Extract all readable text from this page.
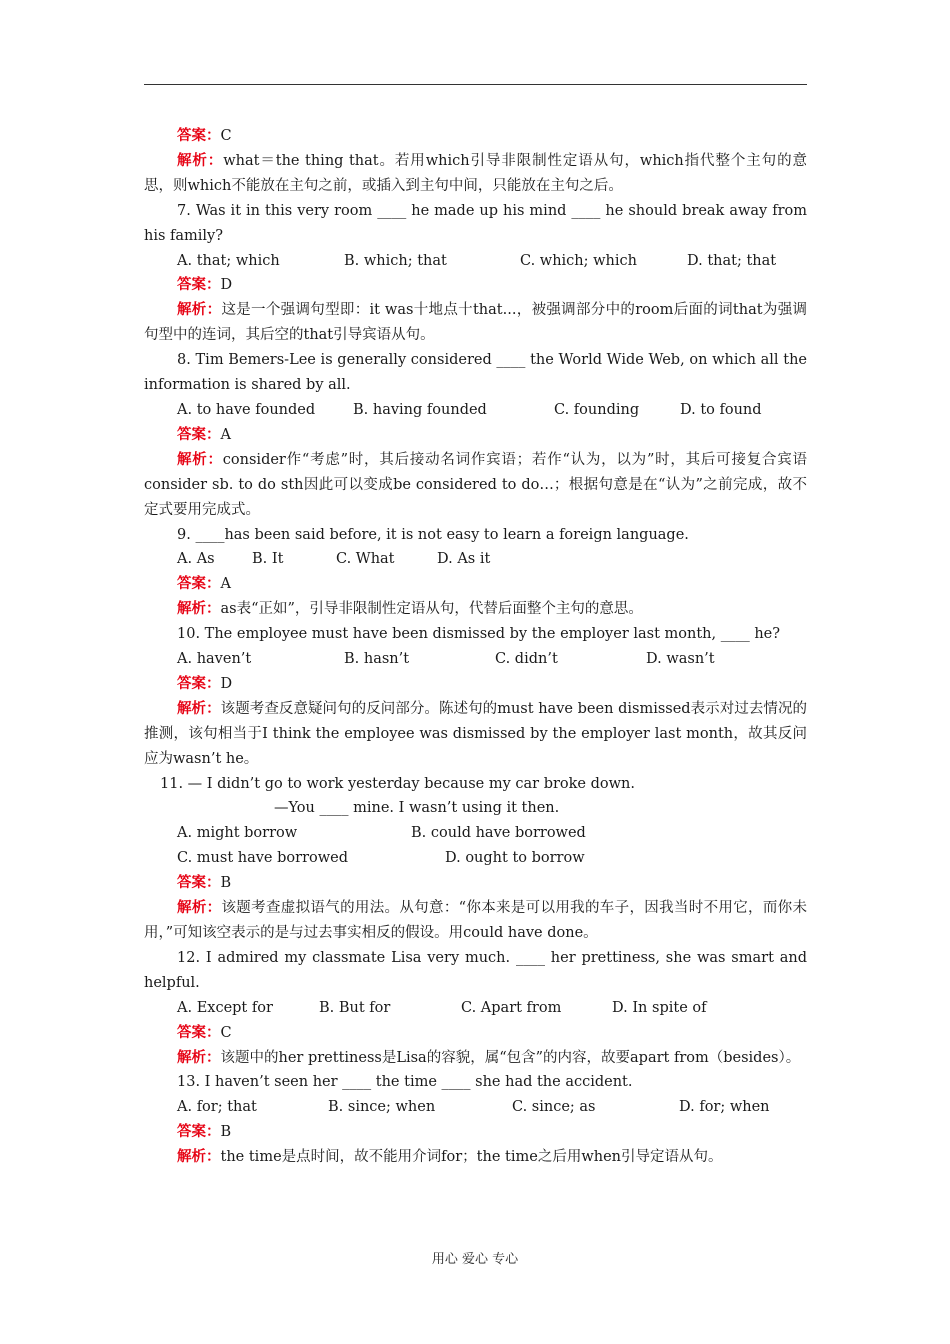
答案：C

解析：what＝the thing that。若用which引导非限制性定语从句，which指代整个主句的意思，则which不能放在主句之前，或插入到主句中间，只能放在主句之后。

7. Was it in this very room ____ he made up his mind ____ he should break away from his family?

A. that; which	B. which; that	C. which; which	D. that; that

答案：D

解析：这是一个强调句型即：it was十地点十that...，被强调部分中的room后面的词that为强调句型中的连词，其后空的that引导宾语从句。

8. Tim Bemers-Lee is generally considered ____ the World Wide Web, on which all the information is shared by all.

A. to have founded	B. having founded	C. founding	D. to found

答案：A

解析：consider作“考虑”时，其后接动名词作宾语；若作“认为，以为”时，其后可接复合宾语consider sb. to do sth因此可以变成be considered to do…；根据句意是在“认为”之前完成，故不定式要用完成式。

9. ____has been said before, it is not easy to learn a foreign language.

A. As	B. It	C. What	D. As it

答案：A

解析：as表“正如”，引导非限制性定语从句，代替后面整个主句的意思。

10. The employee must have been dismissed by the employer last month, ____ he?

A. haven’t	B. hasn’t	C. didn’t	D. wasn’t

答案：D

解析：该题考查反意疑问句的反问部分。陈述句的must have been dismissed表示对过去情况的推测，该句相当于I think the employee was dismissed by the employer last month，故其反问应为wasn’t he。

11. — I didn’t go to work yesterday because my car broke down.

—You ____ mine. I wasn’t using it then.

A. might borrow	B. could have borrowed
C. must have borrowed	D. ought to borrow

答案：B

解析：该题考查虚拟语气的用法。从句意：“你本来是可以用我的车子，因我当时不用它，而你未用，”可知该空表示的是与过去事实相反的假设。用could have done。

12. I admired my classmate Lisa very much. ____ her prettiness, she was smart and helpful.

A. Except for	B. But for	C. Apart from	D. In spite of

答案：C

解析：该题中的her prettiness是Lisa的容貌，属“包含”的内容，故要apart from（besides）。

13. I haven’t seen her ____ the time ____ she had the accident.

A. for; that	B. since; when	C. since; as	D. for; when

答案：B

解析：the time是点时间，故不能用介词for；the time之后用when引导定语从句。

用心 爱心 专心
